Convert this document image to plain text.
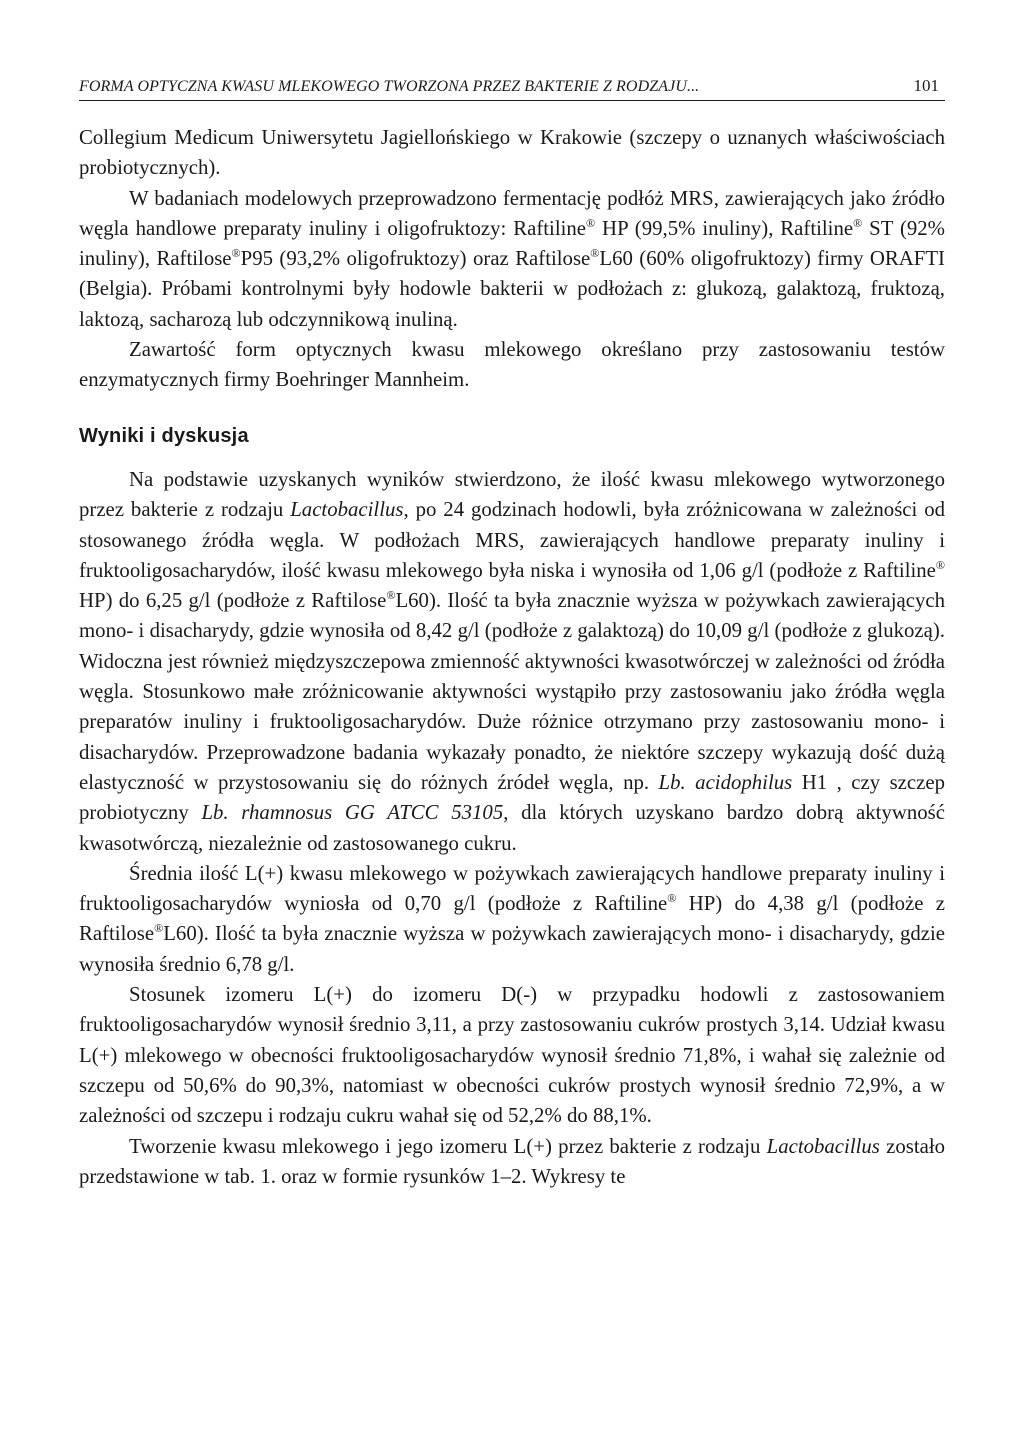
FORMA OPTYCZNA KWASU MLEKOWEGO TWORZONA PRZEZ BAKTERIE Z RODZAJU...	101

Collegium Medicum Uniwersytetu Jagiellońskiego w Krakowie (szczepy o uznanych właściwościach probiotycznych).

W badaniach modelowych przeprowadzono fermentację podłóż MRS, zawierających jako źródło węgla handlowe preparaty inuliny i oligofruktozy: Raftiline® HP (99,5% inuliny), Raftiline® ST (92% inuliny), Raftilose®P95 (93,2% oligofruktozy) oraz Raftilose®L60 (60% oligofruktozy) firmy ORAFTI (Belgia). Próbami kontrolnymi były hodowle bakterii w podłożach z: glukozą, galaktozą, fruktozą, laktozą, sacharozą lub odczynnikową inuliną.

Zawartość form optycznych kwasu mlekowego określano przy zastosowaniu testów enzymatycznych firmy Boehringer Mannheim.

Wyniki i dyskusja

Na podstawie uzyskanych wyników stwierdzono, że ilość kwasu mlekowego wytworzonego przez bakterie z rodzaju Lactobacillus, po 24 godzinach hodowli, była zróżnicowana w zależności od stosowanego źródła węgla. W podłożach MRS, zawierających handlowe preparaty inuliny i fruktooligosacharydów, ilość kwasu mlekowego była niska i wynosiła od 1,06 g/l (podłoże z Raftiline® HP) do 6,25 g/l (podłoże z Raftilose®L60). Ilość ta była znacznie wyższa w pożywkach zawierających mono- i disacharydy, gdzie wynosiła od 8,42 g/l (podłoże z galaktozą) do 10,09 g/l (podłoże z glukozą). Widoczna jest również międzyszczepowa zmienność aktywności kwasotwórczej w zależności od źródła węgla. Stosunkowo małe zróżnicowanie aktywności wystąpiło przy zastosowaniu jako źródła węgla preparatów inuliny i fruktooligosacharydów. Duże różnice otrzymano przy zastosowaniu mono- i disacharydów. Przeprowadzone badania wykazały ponadto, że niektóre szczepy wykazują dość dużą elastyczność w przystosowaniu się do różnych źródeł węgla, np. Lb. acidophilus H1 , czy szczep probiotyczny Lb. rhamnosus GG ATCC 53105, dla których uzyskano bardzo dobrą aktywność kwasotwórczą, niezależnie od zastosowanego cukru.

Średnia ilość L(+) kwasu mlekowego w pożywkach zawierających handlowe preparaty inuliny i fruktooligosacharydów wyniosła od 0,70 g/l (podłoże z Raftiline® HP) do 4,38 g/l (podłoże z Raftilose®L60). Ilość ta była znacznie wyższa w pożywkach zawierających mono- i disacharydy, gdzie wynosiła średnio 6,78 g/l.

Stosunek izomeru L(+) do izomeru D(-) w przypadku hodowli z zastosowaniem fruktooligosacharydów wynosił średnio 3,11, a przy zastosowaniu cukrów prostych 3,14. Udział kwasu L(+) mlekowego w obecności fruktooligosacharydów wynosił średnio 71,8%, i wahał się zależnie od szczepu od 50,6% do 90,3%, natomiast w obecności cukrów prostych wynosił średnio 72,9%, a w zależności od szczepu i rodzaju cukru wahał się od 52,2% do 88,1%.

Tworzenie kwasu mlekowego i jego izomeru L(+) przez bakterie z rodzaju Lactobacillus zostało przedstawione w tab. 1. oraz w formie rysunków 1–2. Wykresy te
